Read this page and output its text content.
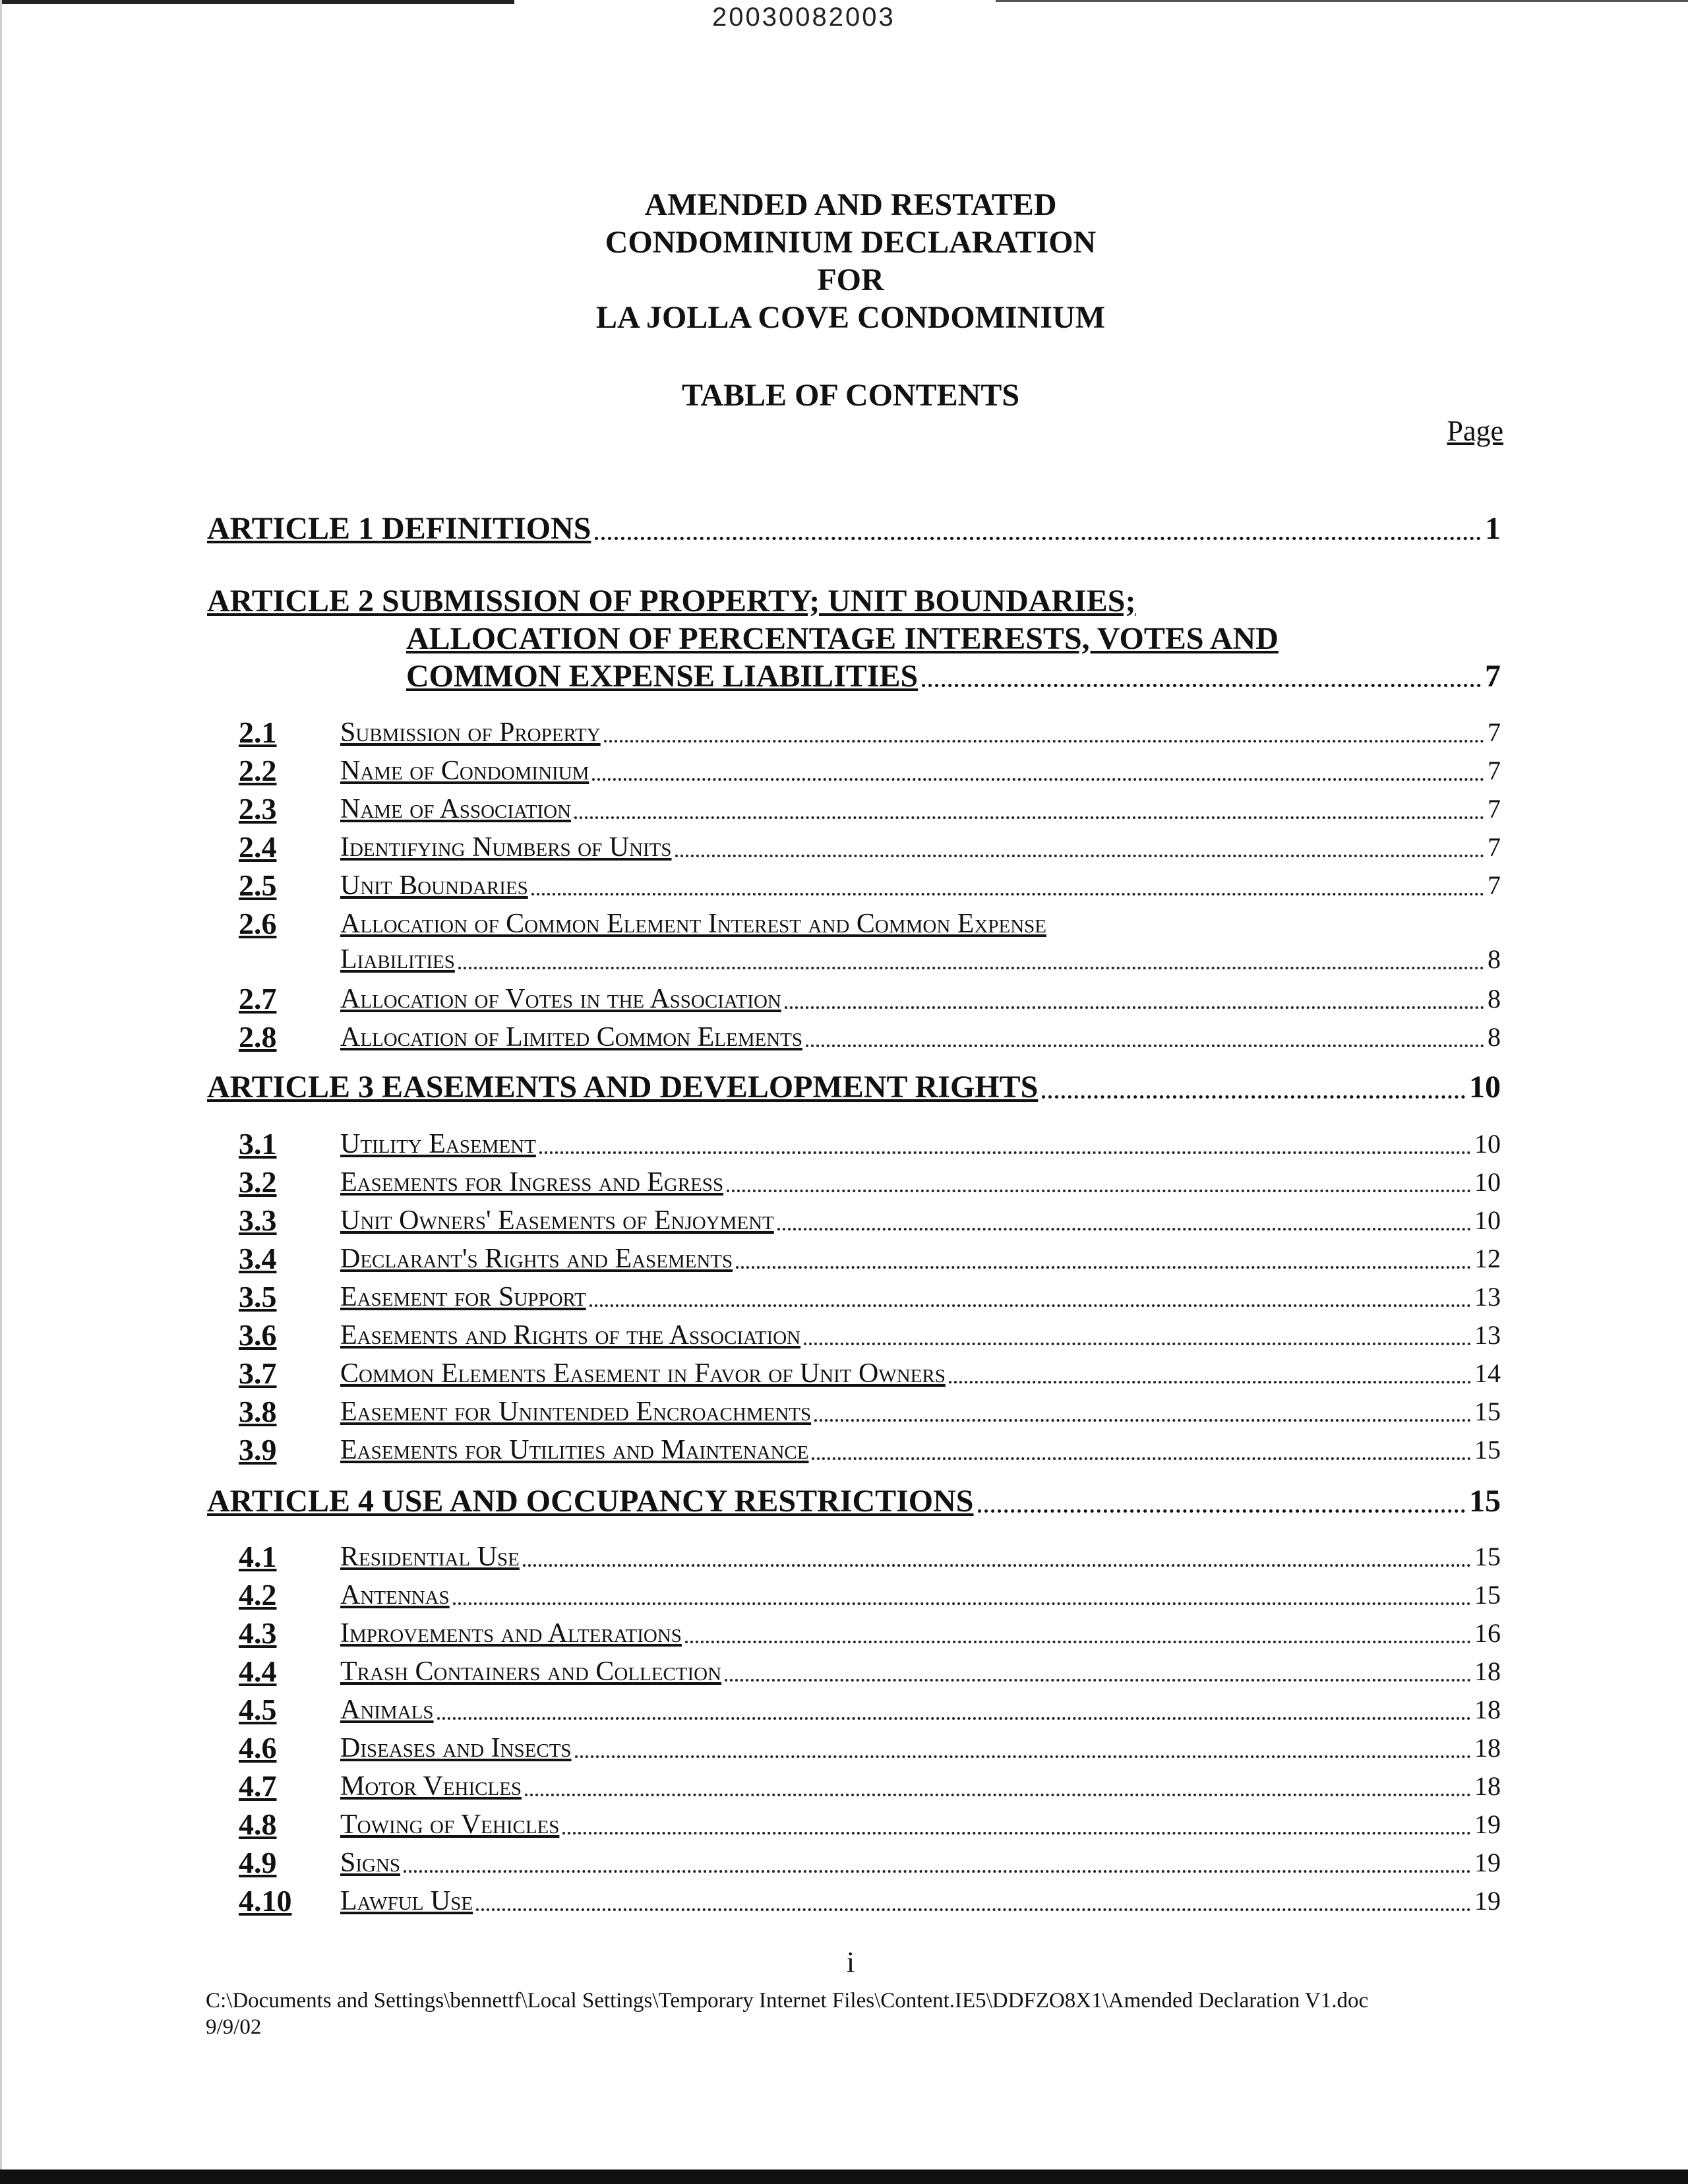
20030082003
AMENDED AND RESTATED
CONDOMINIUM DECLARATION
FOR
LA JOLLA COVE CONDOMINIUM
TABLE OF CONTENTS
Page
ARTICLE 1 DEFINITIONS	1
ARTICLE 2 SUBMISSION OF PROPERTY; UNIT BOUNDARIES;
ALLOCATION OF PERCENTAGE INTERESTS, VOTES AND
COMMON EXPENSE LIABILITIES	7
2.1	Submission of Property	7
2.2	Name of Condominium	7
2.3	Name of Association	7
2.4	Identifying Numbers of Units	7
2.5	Unit Boundaries	7
2.6	Allocation of Common Element Interest and Common Expense
Liabilities	8
2.7	Allocation of Votes in the Association	8
2.8	Allocation of Limited Common Elements	8
ARTICLE 3 EASEMENTS AND DEVELOPMENT RIGHTS	10
3.1	Utility Easement	10
3.2	Easements for Ingress and Egress	10
3.3	Unit Owners' Easements of Enjoyment	10
3.4	Declarant's Rights and Easements	12
3.5	Easement for Support	13
3.6	Easements and Rights of the Association	13
3.7	Common Elements Easement in Favor of Unit Owners	14
3.8	Easement for Unintended Encroachments	15
3.9	Easements for Utilities and Maintenance	15
ARTICLE 4 USE AND OCCUPANCY RESTRICTIONS	15
4.1	Residential Use	15
4.2	Antennas	15
4.3	Improvements and Alterations	16
4.4	Trash Containers and Collection	18
4.5	Animals	18
4.6	Diseases and Insects	18
4.7	Motor Vehicles	18
4.8	Towing of Vehicles	19
4.9	Signs	19
4.10	Lawful Use	19
i
C:\Documents and Settings\bennettf\Local Settings\Temporary Internet Files\Content.IE5\DDFZO8X1\Amended Declaration V1.doc
9/9/02
